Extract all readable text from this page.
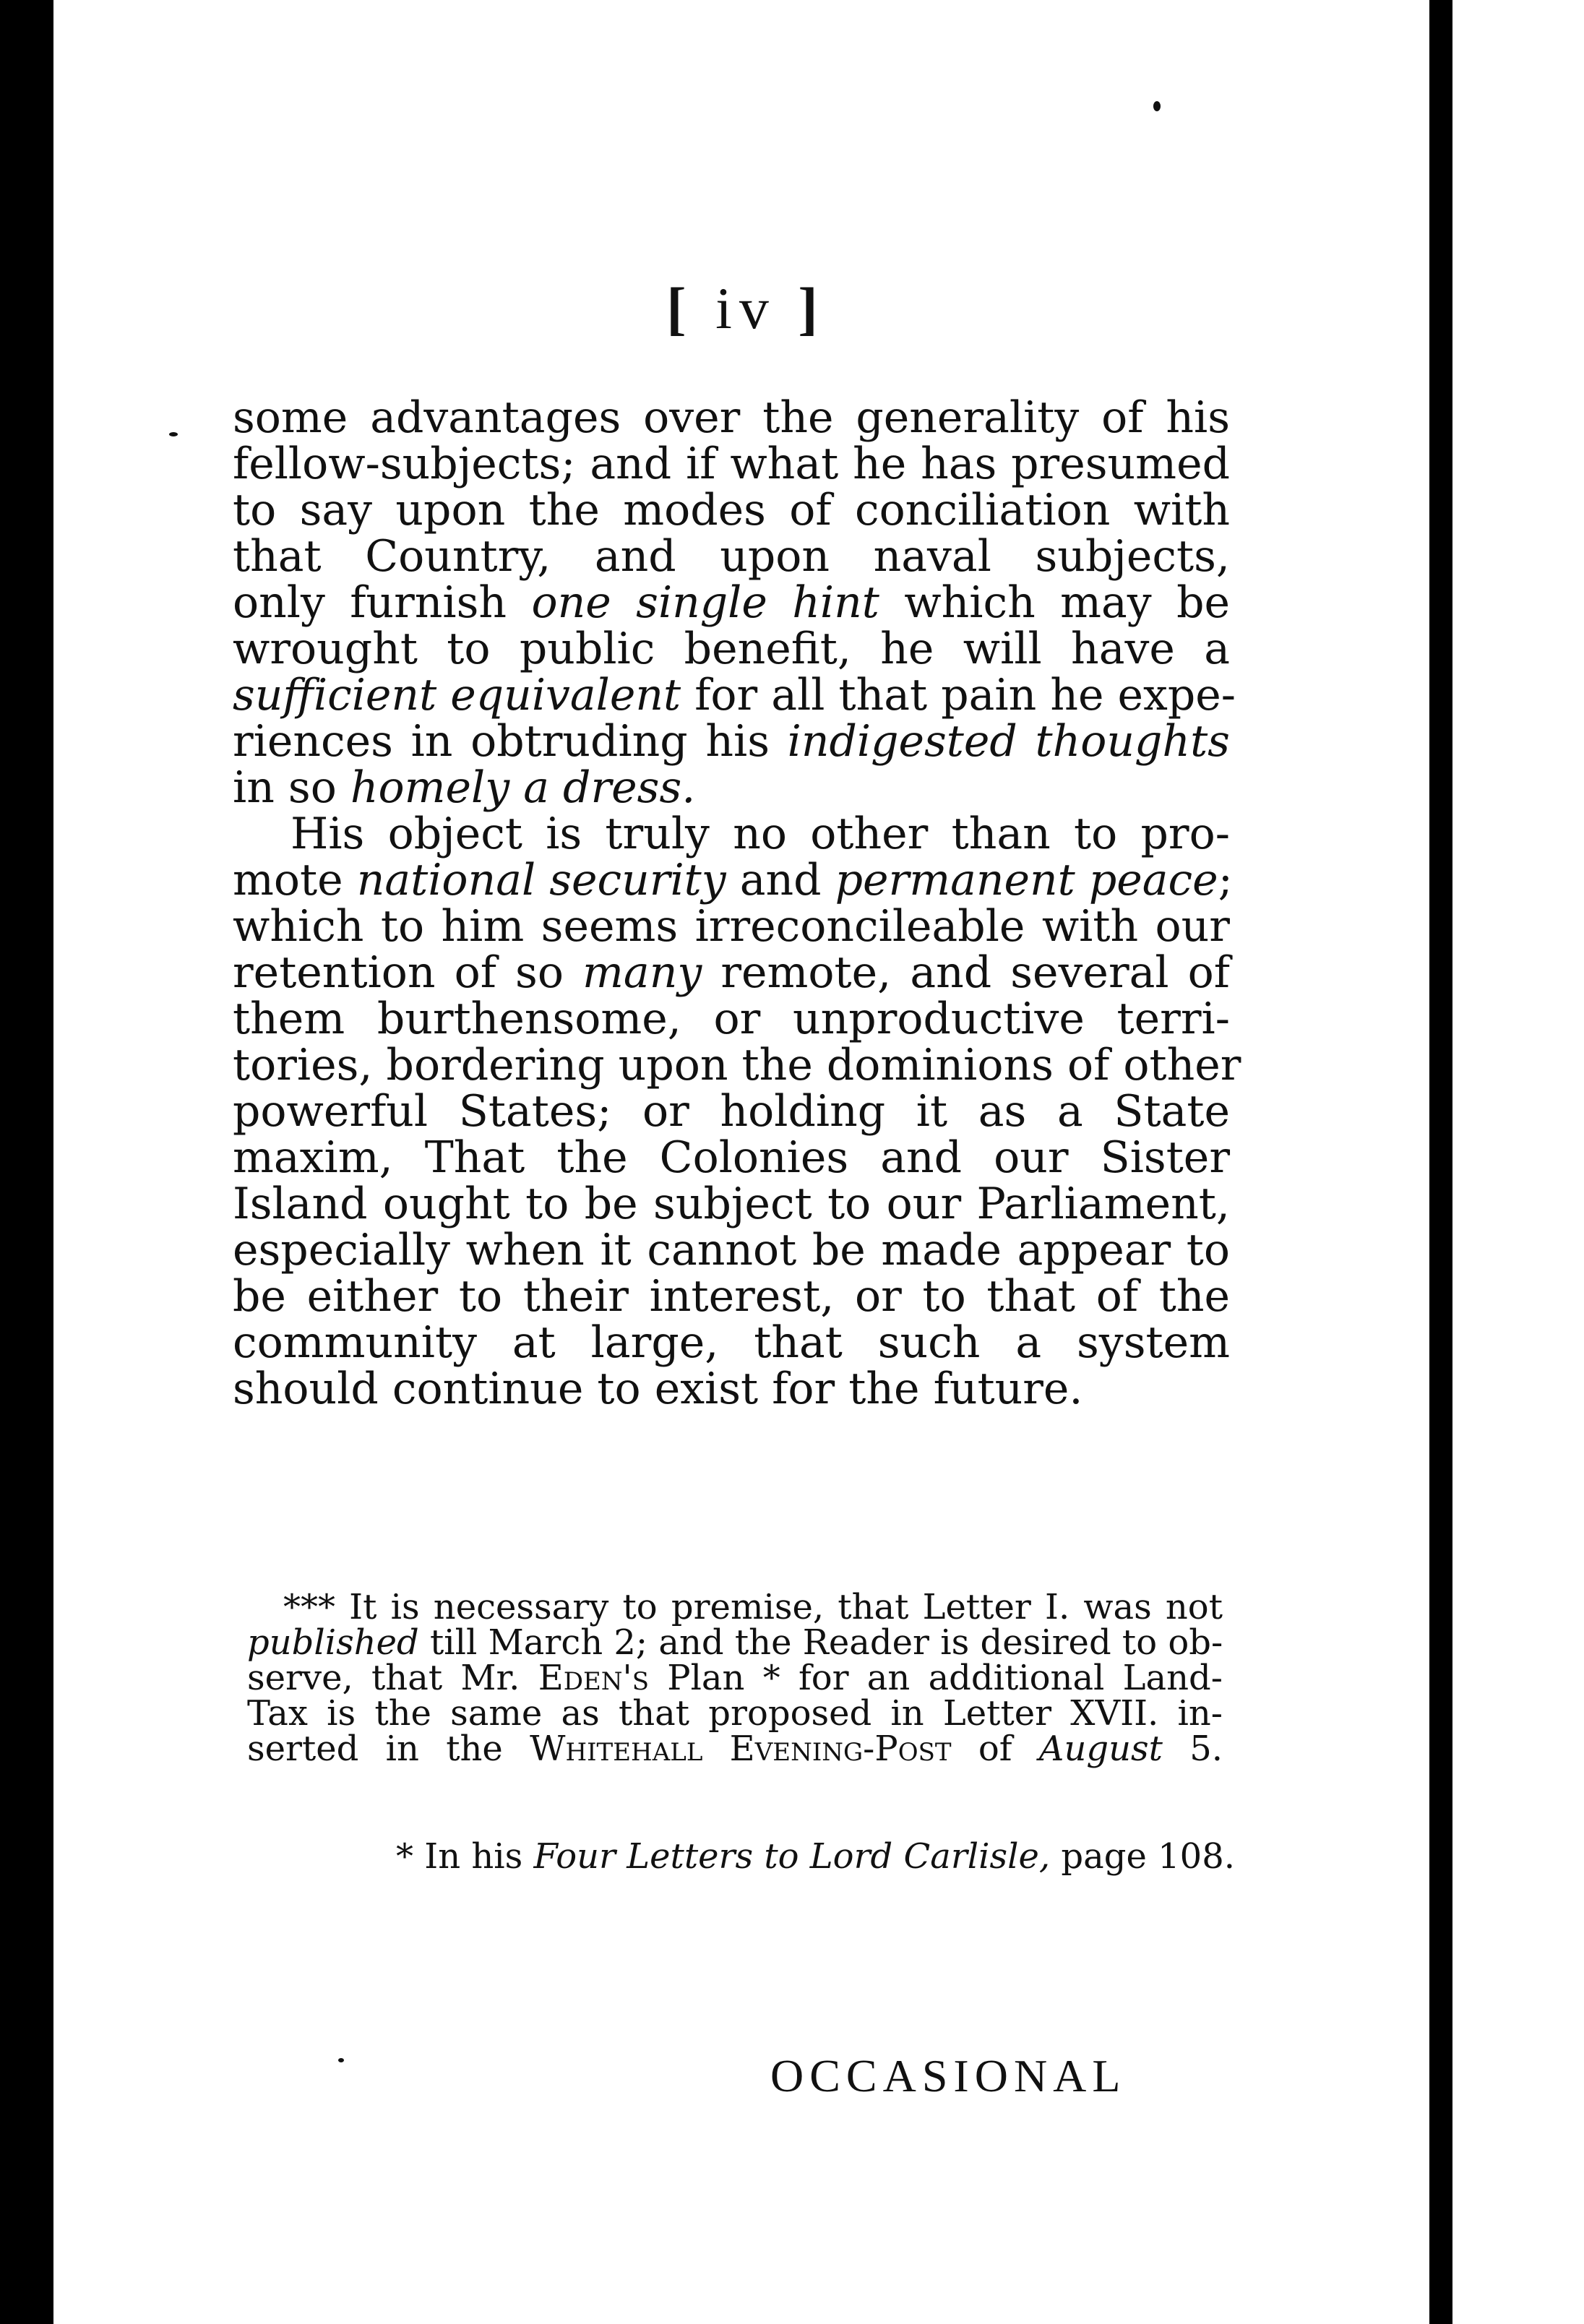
[ iv ]
some advantages over the generality of his
fellow-subjects; and if what he has presumed
to say upon the modes of conciliation with
that Country, and upon naval subjects,
only furnish one single hint which may be
wrought to public benefit, he will have a
sufficient equivalent for all that pain he expe-
riences in obtruding his indigested thoughts
in so homely a dress.
His object is truly no other than to pro-
mote national security and permanent peace;
which to him seems irreconcileable with our
retention of so many remote, and several of
them burthensome, or unproductive terri-
tories, bordering upon the dominions of other
powerful States; or holding it as a State
maxim, That the Colonies and our Sister
Island ought to be subject to our Parliament,
especially when it cannot be made appear to
be either to their interest, or to that of the
community at large, that such a system
should continue to exist for the future.
*** It is necessary to premise, that Letter I. was not
published till March 2; and the Reader is desired to ob-
serve, that Mr. Eden's Plan * for an additional Land-
Tax is the same as that proposed in Letter XVII. in-
serted in the Whitehall Evening-Post of August 5.
* In his Four Letters to Lord Carlisle, page 108.
OCCASIONAL
